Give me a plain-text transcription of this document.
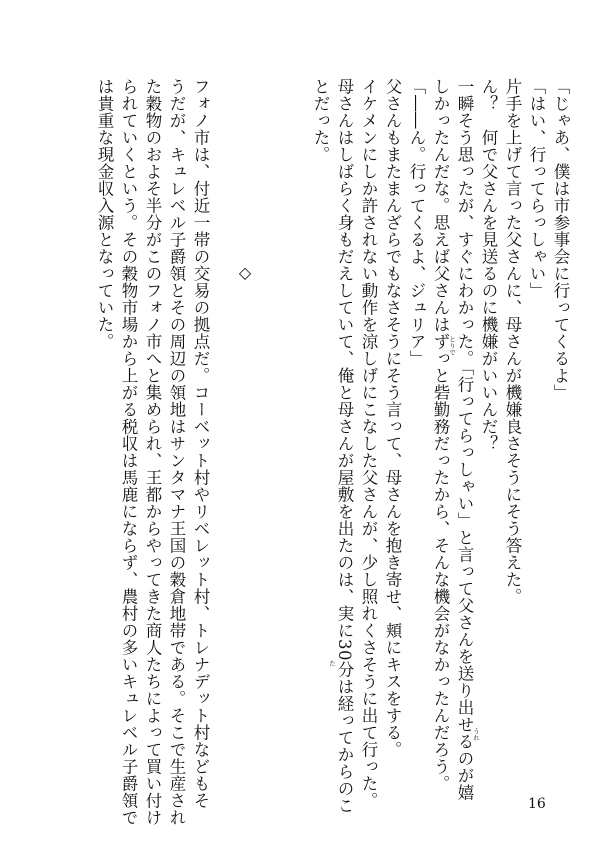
「じゃあ、僕は市参事会に行ってくるよ」
「はい、行ってらっしゃい」
片手を上げて言った父さんに、母さんが機嫌良さそうにそう答えた。
ん？　何で父さんを見送るのに機嫌がいいんだ？
一瞬そう思ったが、すぐにわかった。「行ってらっしゃい」と言って父さんを送り出せるのが嬉
しかったんだな。思えば父さんはずっと砦勤務だったから、そんな機会がなかったんだろう。
「――ん。行ってくるよ、ジュリア」
父さんもまたまんざらでもなさそうにそう言って、母さんを抱き寄せ、頬にキスをする。
イケメンにしか許されない動作を涼しげにこなした父さんが、少し照れくさそうに出て行った。
母さんはしばらく身もだえしていて、俺と母さんが屋敷を出たのは、実に30分は経ってからのこ
とだった。
うれ
とりで
た
◇
フォノ市は、付近一帯の交易の拠点だ。コーベット村やリベレット村、トレナデット村などもそ
うだが、キュレベル子爵領とその周辺の領地はサンタマナ王国の穀倉地帯である。そこで生産され
た穀物のおよそ半分がこのフォノ市へと集められ、王都からやってきた商人たちによって買い付け
られていくという。その穀物市場から上がる税収は馬鹿にならず、農村の多いキュレベル子爵領で
は貴重な現金収入源となっていた。
16
